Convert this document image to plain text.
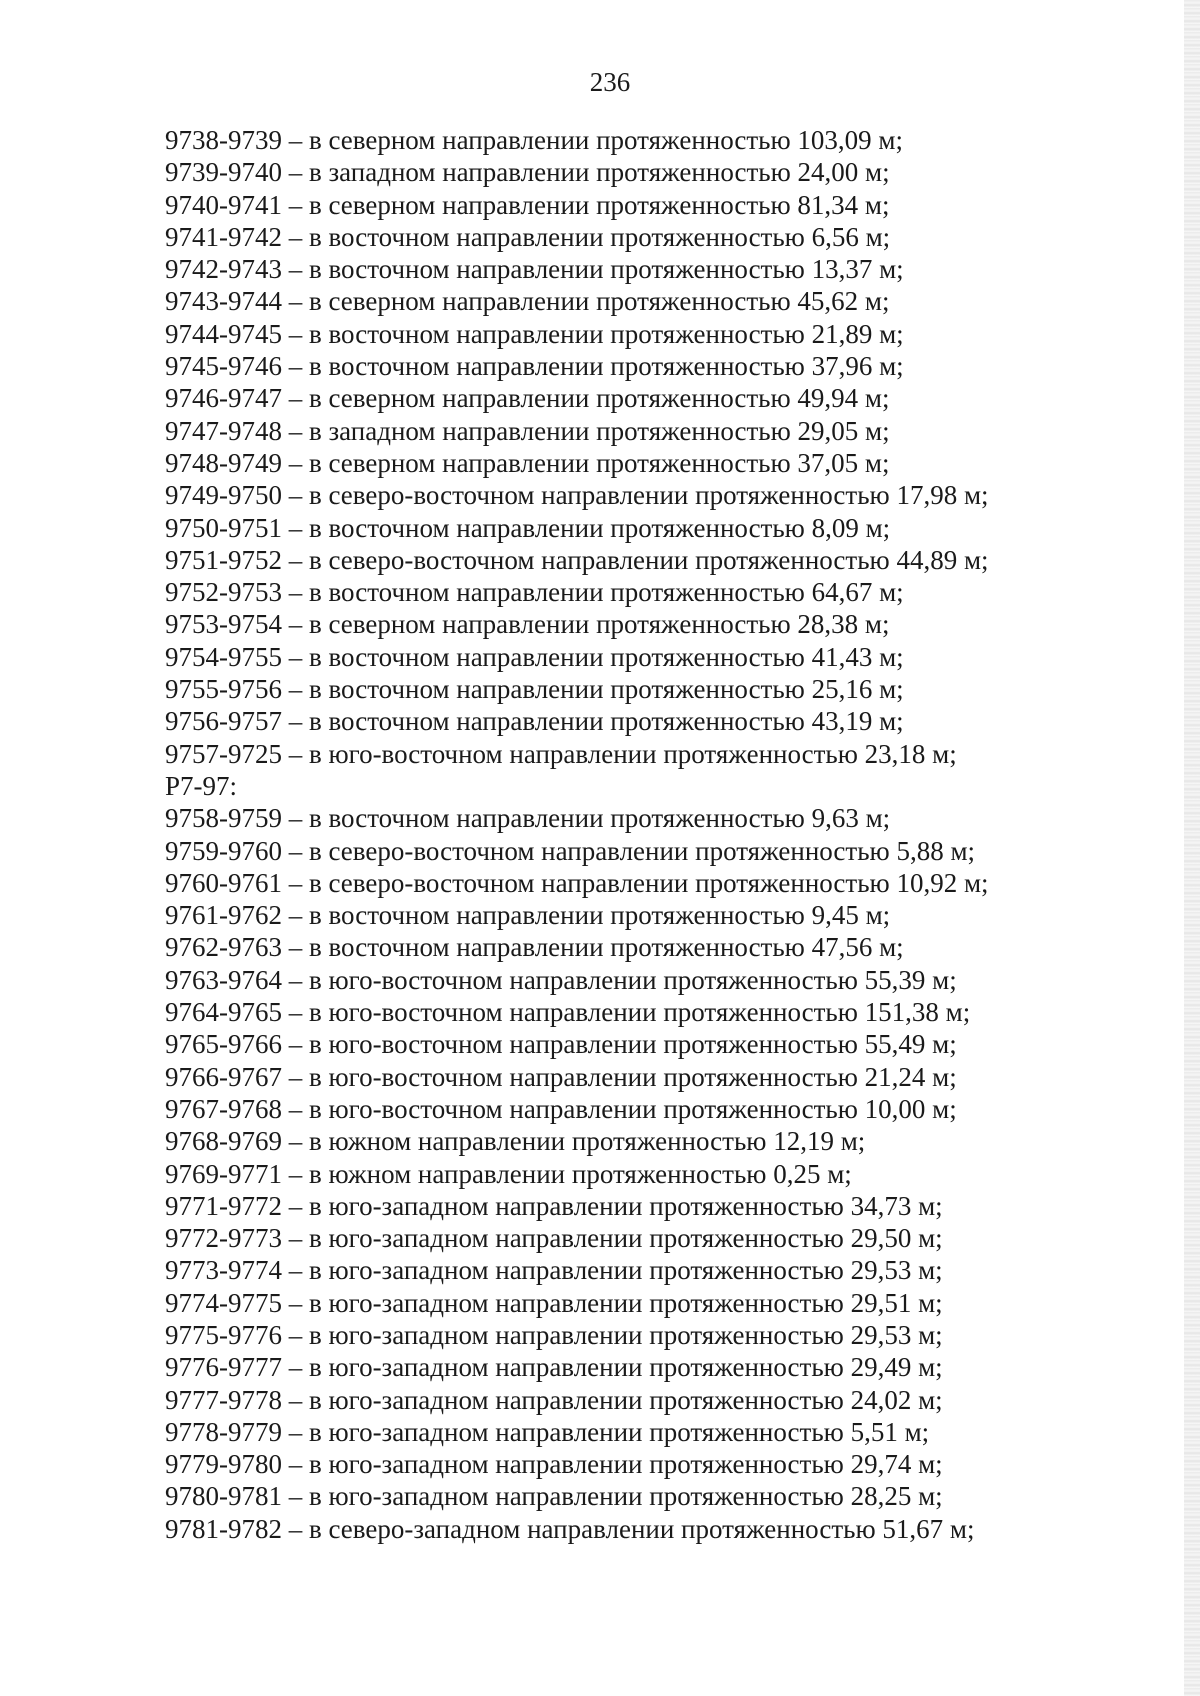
236
9738-9739 – в северном направлении протяженностью 103,09 м;
9739-9740 – в западном направлении протяженностью 24,00 м;
9740-9741 – в северном направлении протяженностью 81,34 м;
9741-9742 – в восточном направлении протяженностью 6,56 м;
9742-9743 – в восточном направлении протяженностью 13,37 м;
9743-9744 – в северном направлении протяженностью 45,62 м;
9744-9745 – в восточном направлении протяженностью 21,89 м;
9745-9746 – в восточном направлении протяженностью 37,96 м;
9746-9747 – в северном направлении протяженностью 49,94 м;
9747-9748 – в западном направлении протяженностью 29,05 м;
9748-9749 – в северном направлении протяженностью 37,05 м;
9749-9750 – в северо-восточном направлении протяженностью 17,98 м;
9750-9751 – в восточном направлении протяженностью 8,09 м;
9751-9752 – в северо-восточном направлении протяженностью 44,89 м;
9752-9753 – в восточном направлении протяженностью 64,67 м;
9753-9754 – в северном направлении протяженностью 28,38 м;
9754-9755 – в восточном направлении протяженностью 41,43 м;
9755-9756 – в восточном направлении протяженностью 25,16 м;
9756-9757 – в восточном направлении протяженностью 43,19 м;
9757-9725 – в юго-восточном направлении протяженностью 23,18 м;
Р7-97:
9758-9759 – в восточном направлении протяженностью 9,63 м;
9759-9760 – в северо-восточном направлении протяженностью 5,88 м;
9760-9761 – в северо-восточном направлении протяженностью 10,92 м;
9761-9762 – в восточном направлении протяженностью 9,45 м;
9762-9763 – в восточном направлении протяженностью 47,56 м;
9763-9764 – в юго-восточном направлении протяженностью 55,39 м;
9764-9765 – в юго-восточном направлении протяженностью 151,38 м;
9765-9766 – в юго-восточном направлении протяженностью 55,49 м;
9766-9767 – в юго-восточном направлении протяженностью 21,24 м;
9767-9768 – в юго-восточном направлении протяженностью 10,00 м;
9768-9769 – в южном направлении протяженностью 12,19 м;
9769-9771 – в южном направлении протяженностью 0,25 м;
9771-9772 – в юго-западном направлении протяженностью 34,73 м;
9772-9773 – в юго-западном направлении протяженностью 29,50 м;
9773-9774 – в юго-западном направлении протяженностью 29,53 м;
9774-9775 – в юго-западном направлении протяженностью 29,51 м;
9775-9776 – в юго-западном направлении протяженностью 29,53 м;
9776-9777 – в юго-западном направлении протяженностью 29,49 м;
9777-9778 – в юго-западном направлении протяженностью 24,02 м;
9778-9779 – в юго-западном направлении протяженностью 5,51 м;
9779-9780 – в юго-западном направлении протяженностью 29,74 м;
9780-9781 – в юго-западном направлении протяженностью 28,25 м;
9781-9782 – в северо-западном направлении протяженностью 51,67 м;
